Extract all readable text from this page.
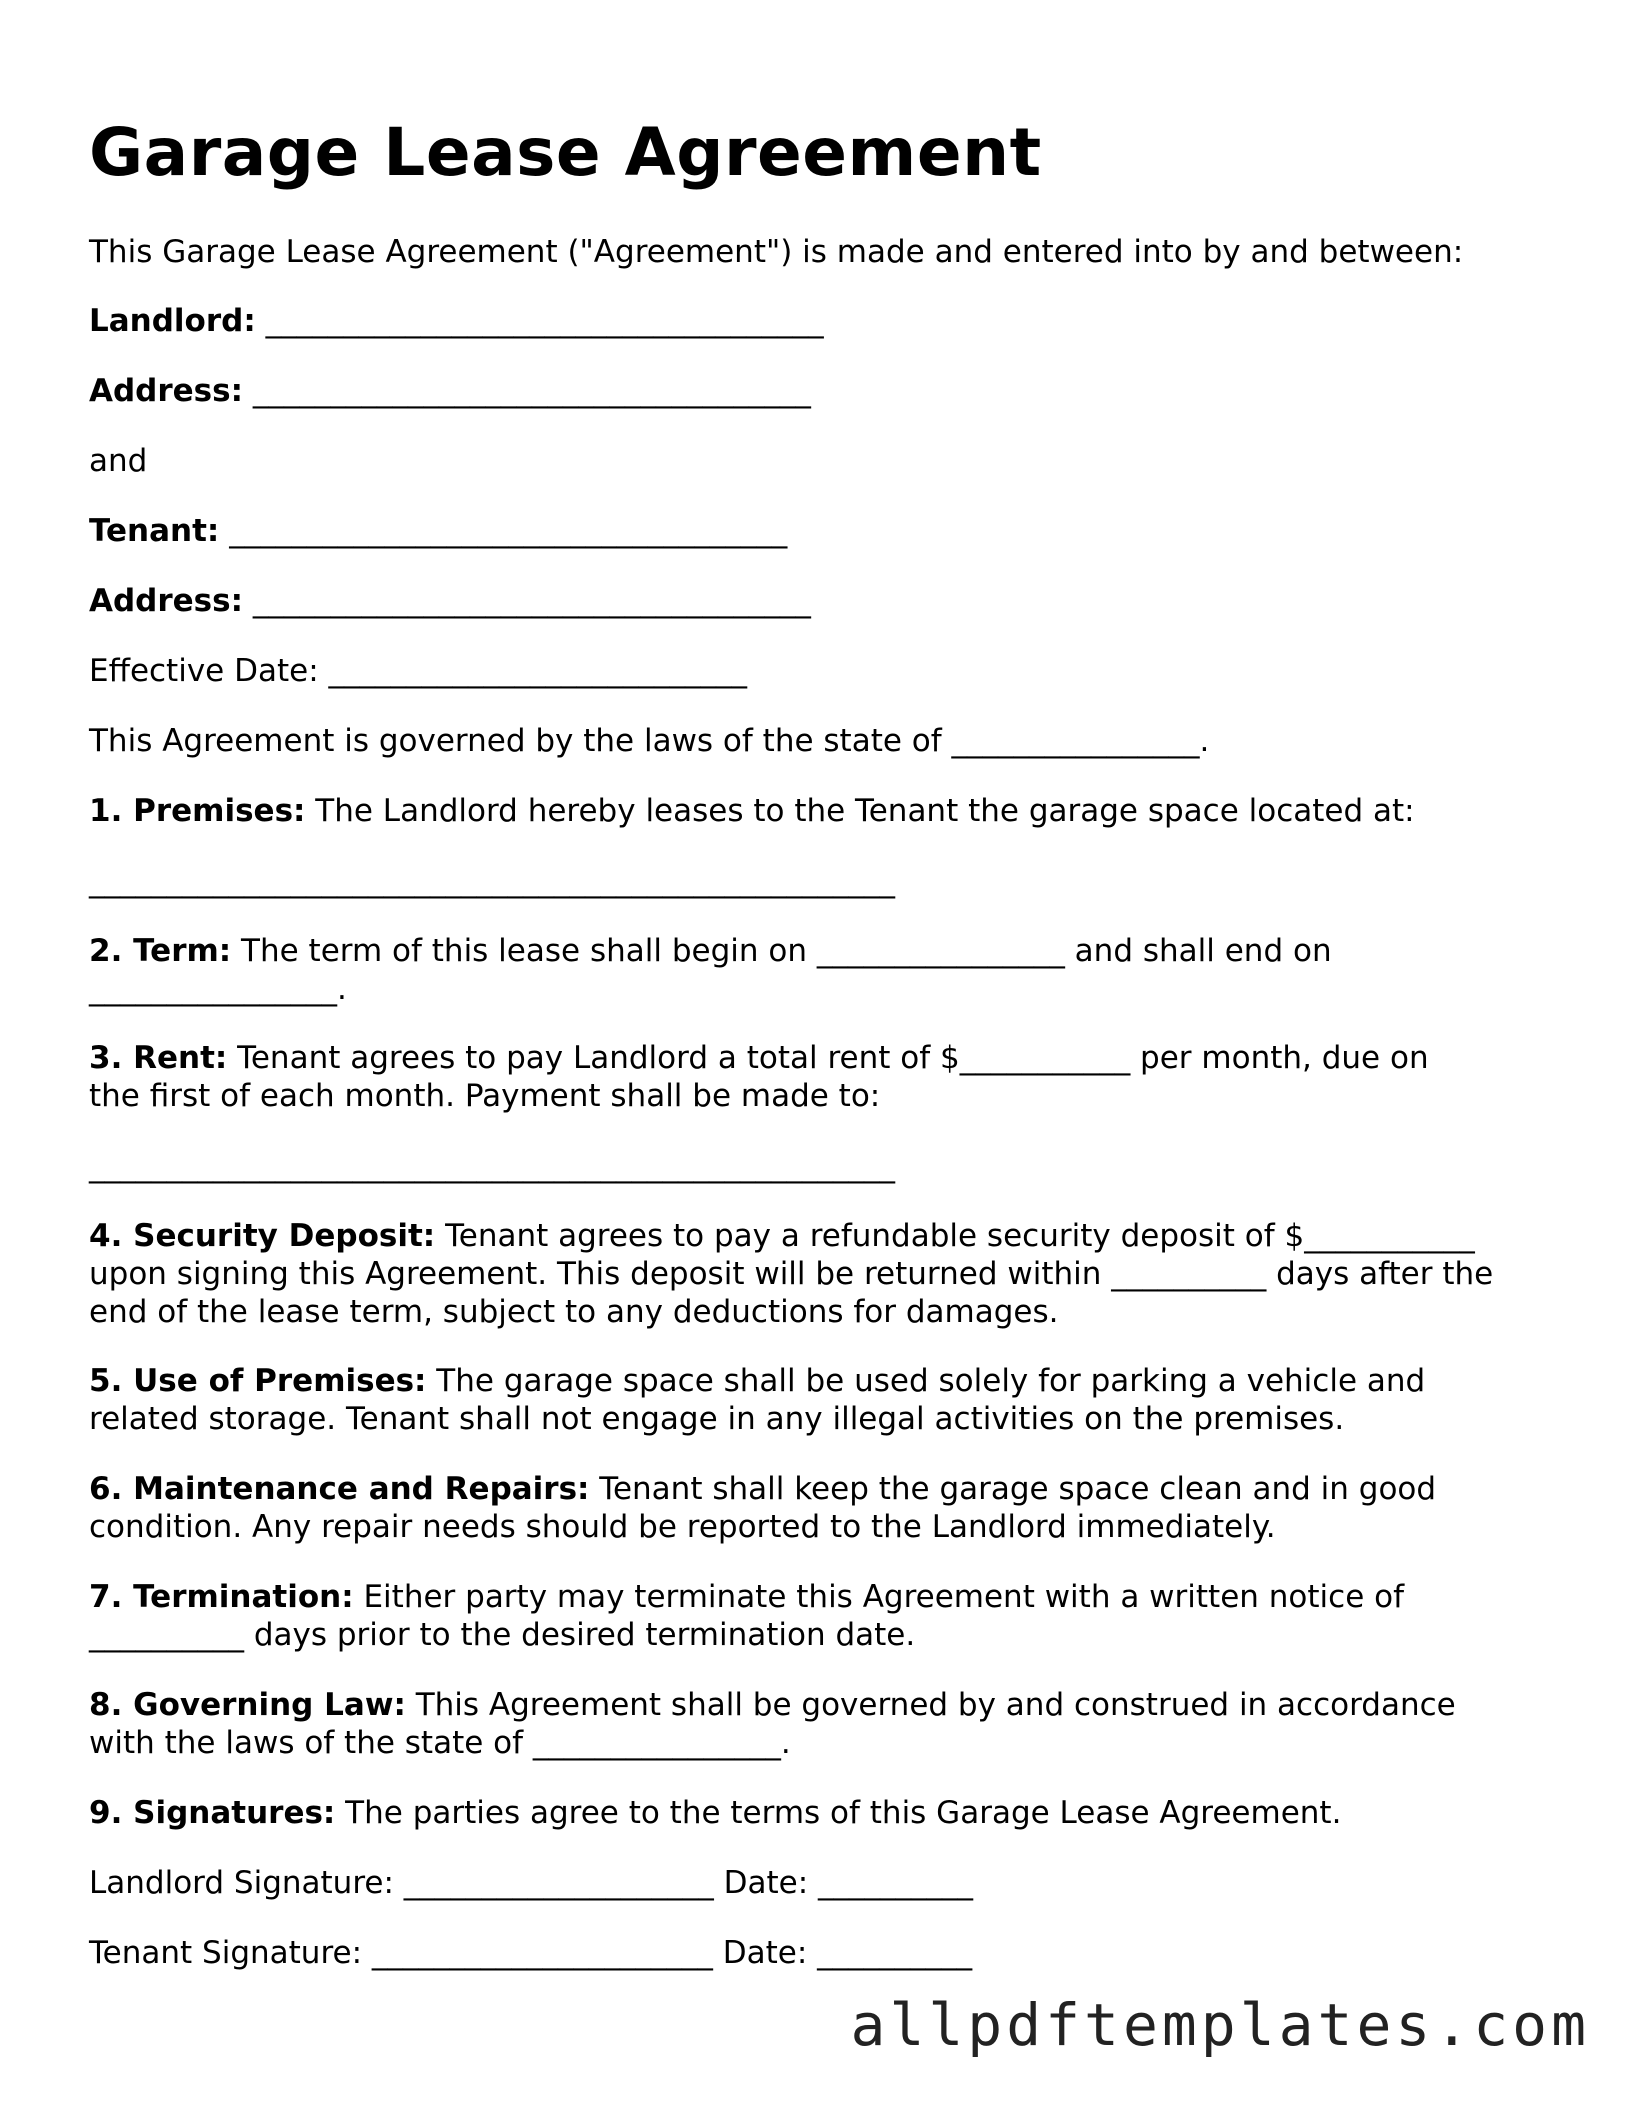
Garage Lease Agreement
This Garage Lease Agreement ("Agreement") is made and entered into by and between:
Landlord: ____________________________________
Address: ____________________________________
and
Tenant: ____________________________________
Address: ____________________________________
Effective Date: ___________________________
This Agreement is governed by the laws of the state of ________________.
1. Premises: The Landlord hereby leases to the Tenant the garage space located at:
____________________________________________________
2. Term: The term of this lease shall begin on ________________ and shall end on
________________.
3. Rent: Tenant agrees to pay Landlord a total rent of $___________ per month, due on
the first of each month. Payment shall be made to:
____________________________________________________
4. Security Deposit: Tenant agrees to pay a refundable security deposit of $___________
upon signing this Agreement. This deposit will be returned within __________ days after the
end of the lease term, subject to any deductions for damages.
5. Use of Premises: The garage space shall be used solely for parking a vehicle and
related storage. Tenant shall not engage in any illegal activities on the premises.
6. Maintenance and Repairs: Tenant shall keep the garage space clean and in good
condition. Any repair needs should be reported to the Landlord immediately.
7. Termination: Either party may terminate this Agreement with a written notice of
__________ days prior to the desired termination date.
8. Governing Law: This Agreement shall be governed by and construed in accordance
with the laws of the state of ________________.
9. Signatures: The parties agree to the terms of this Garage Lease Agreement.
Landlord Signature: ____________________ Date: __________
Tenant Signature: ______________________ Date: __________
allpdftemplates.com
